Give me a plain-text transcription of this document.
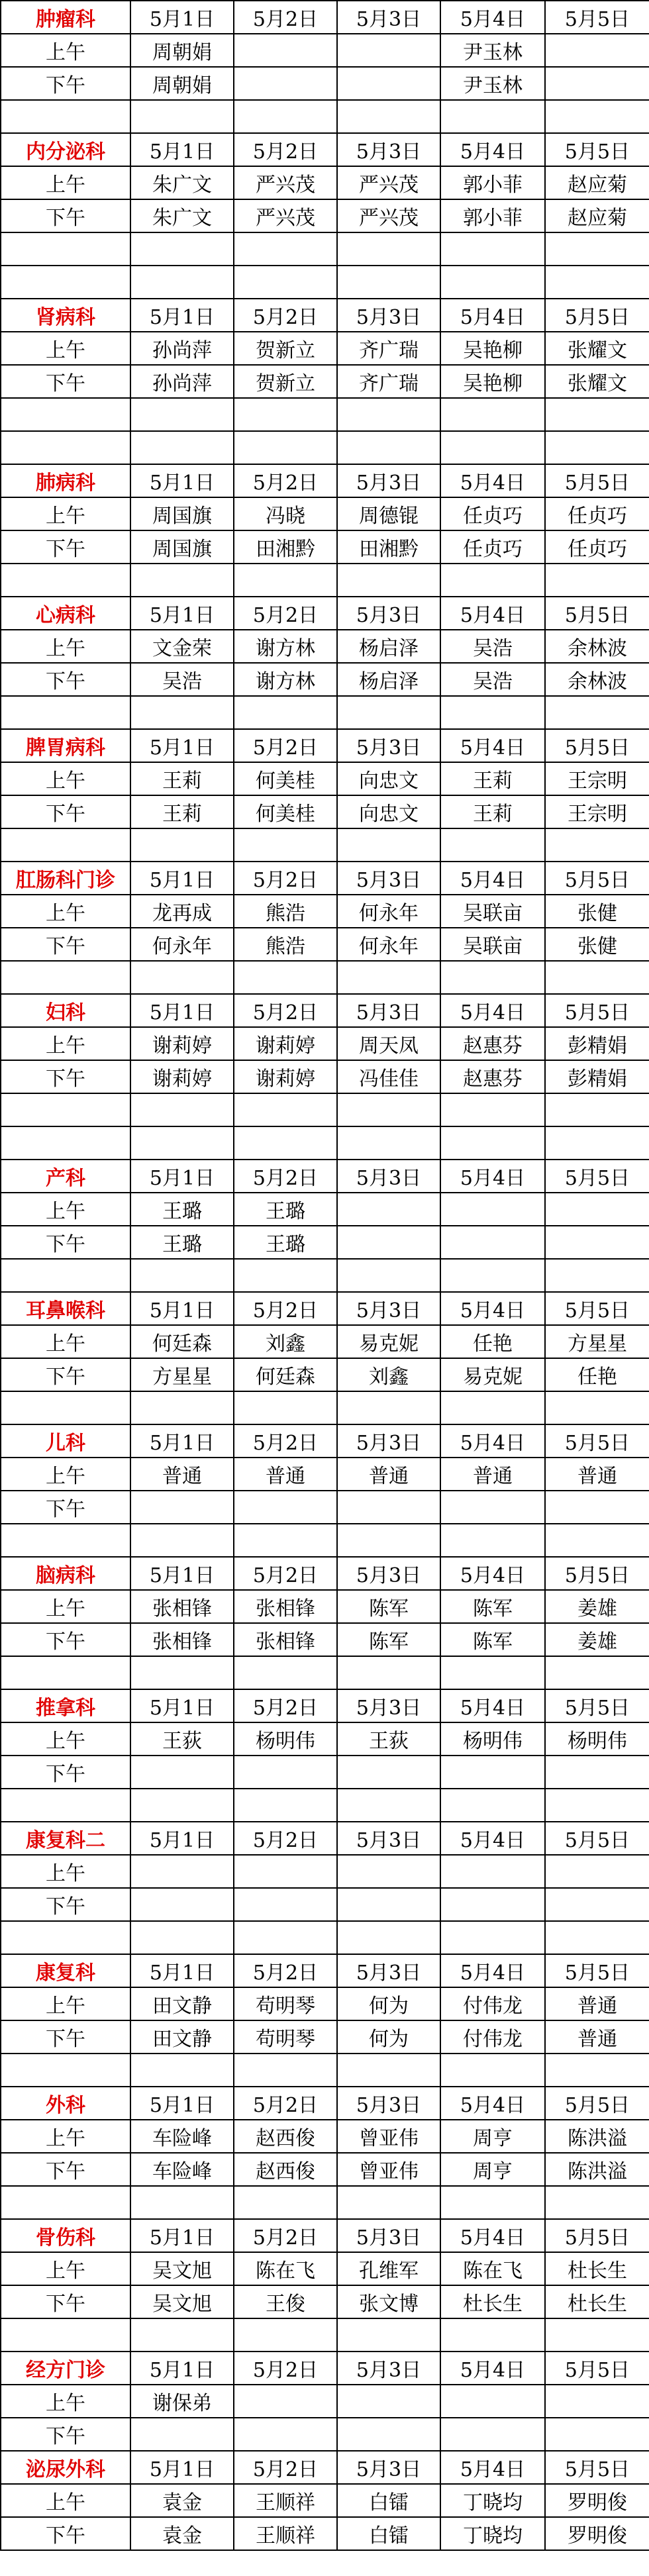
肿瘤科	5月1日	5月2日	5月3日	5月4日	5月5日
上午	周朝娟			尹玉林	
下午	周朝娟			尹玉林	

内分泌科	5月1日	5月2日	5月3日	5月4日	5月5日
上午	朱广文	严兴茂	严兴茂	郭小菲	赵应菊
下午	朱广文	严兴茂	严兴茂	郭小菲	赵应菊

肾病科	5月1日	5月2日	5月3日	5月4日	5月5日
上午	孙尚萍	贺新立	齐广瑞	吴艳柳	张耀文
下午	孙尚萍	贺新立	齐广瑞	吴艳柳	张耀文

肺病科	5月1日	5月2日	5月3日	5月4日	5月5日
上午	周国旗	冯晓	周德锟	任贞巧	任贞巧
下午	周国旗	田湘黔	田湘黔	任贞巧	任贞巧

心病科	5月1日	5月2日	5月3日	5月4日	5月5日
上午	文金荣	谢方林	杨启泽	吴浩	余林波
下午	吴浩	谢方林	杨启泽	吴浩	余林波

脾胃病科	5月1日	5月2日	5月3日	5月4日	5月5日
上午	王莉	何美桂	向忠文	王莉	王宗明
下午	王莉	何美桂	向忠文	王莉	王宗明

肛肠科门诊	5月1日	5月2日	5月3日	5月4日	5月5日
上午	龙再成	熊浩	何永年	吴联亩	张健
下午	何永年	熊浩	何永年	吴联亩	张健

妇科	5月1日	5月2日	5月3日	5月4日	5月5日
上午	谢莉婷	谢莉婷	周天凤	赵惠芬	彭精娟
下午	谢莉婷	谢莉婷	冯佳佳	赵惠芬	彭精娟

产科	5月1日	5月2日	5月3日	5月4日	5月5日
上午	王璐	王璐			
下午	王璐	王璐			

耳鼻喉科	5月1日	5月2日	5月3日	5月4日	5月5日
上午	何廷森	刘鑫	易克妮	任艳	方星星
下午	方星星	何廷森	刘鑫	易克妮	任艳

儿科	5月1日	5月2日	5月3日	5月4日	5月5日
上午	普通	普通	普通	普通	普通
下午					

脑病科	5月1日	5月2日	5月3日	5月4日	5月5日
上午	张相锋	张相锋	陈军	陈军	姜雄
下午	张相锋	张相锋	陈军	陈军	姜雄

推拿科	5月1日	5月2日	5月3日	5月4日	5月5日
上午	王荻	杨明伟	王荻	杨明伟	杨明伟
下午					

康复科二	5月1日	5月2日	5月3日	5月4日	5月5日
上午					
下午					

康复科	5月1日	5月2日	5月3日	5月4日	5月5日
上午	田文静	苟明琴	何为	付伟龙	普通
下午	田文静	苟明琴	何为	付伟龙	普通

外科	5月1日	5月2日	5月3日	5月4日	5月5日
上午	车险峰	赵西俊	曾亚伟	周亨	陈洪溢
下午	车险峰	赵西俊	曾亚伟	周亨	陈洪溢

骨伤科	5月1日	5月2日	5月3日	5月4日	5月5日
上午	吴文旭	陈在飞	孔维军	陈在飞	杜长生
下午	吴文旭	王俊	张文博	杜长生	杜长生

经方门诊	5月1日	5月2日	5月3日	5月4日	5月5日
上午	谢保弟				
下午					
泌尿外科	5月1日	5月2日	5月3日	5月4日	5月5日
上午	袁金	王顺祥	白镭	丁晓均	罗明俊
下午	袁金	王顺祥	白镭	丁晓均	罗明俊
